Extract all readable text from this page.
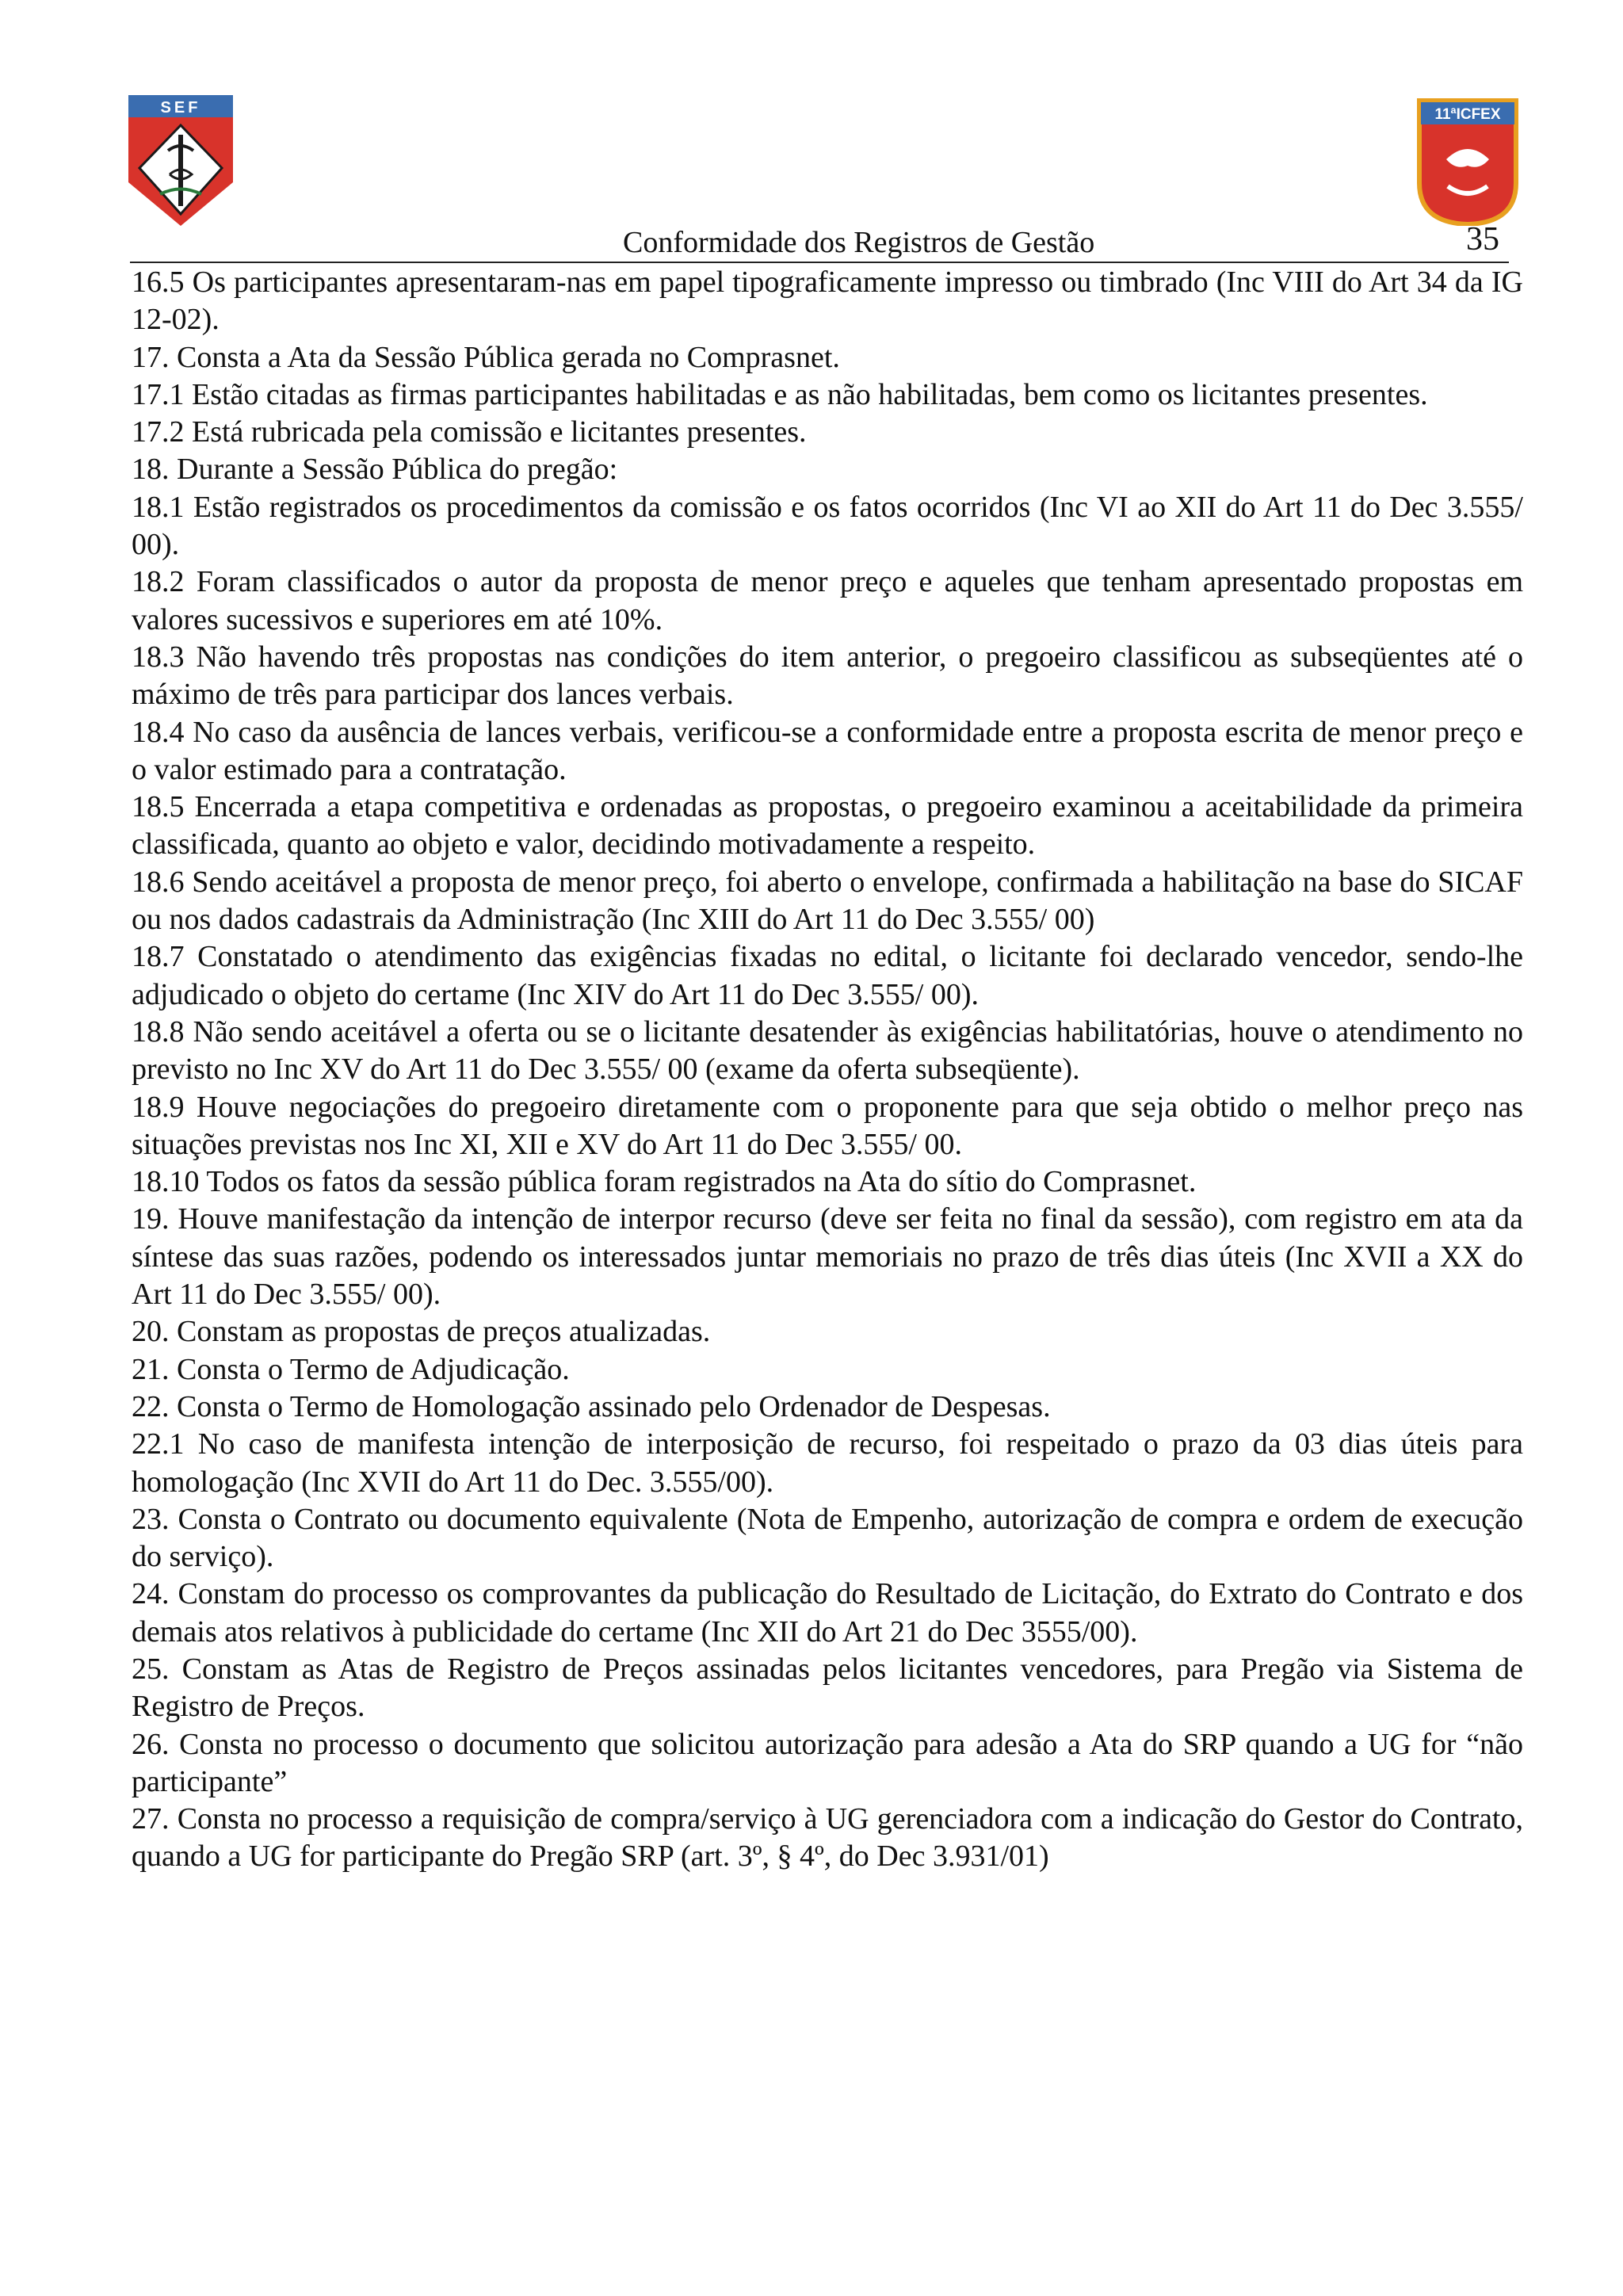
SEF	11ªICFEX
Conformidade dos Registros de Gestão	35

16.5 Os participantes apresentaram-nas em papel tipograficamente impresso ou timbrado (Inc VIII do Art 34 da IG 12-02).

17. Consta a Ata da Sessão Pública gerada no Comprasnet.

17.1 Estão citadas as firmas participantes habilitadas e as não habilitadas, bem como os licitantes presentes.

17.2 Está rubricada pela comissão e licitantes presentes.

18. Durante a Sessão Pública do pregão:

18.1 Estão registrados os procedimentos da comissão e os fatos ocorridos (Inc VI ao XII do Art 11 do Dec 3.555/ 00).

18.2 Foram classificados o autor da proposta de menor preço e aqueles que tenham apresentado propostas em valores sucessivos e superiores em até 10%.

18.3 Não havendo três propostas nas condições do item anterior, o pregoeiro classificou as subseqüentes até o máximo de três para participar dos lances verbais.

18.4 No caso da ausência de lances verbais, verificou-se a conformidade entre a proposta escrita de menor preço e o valor estimado para a contratação.

18.5 Encerrada a etapa competitiva e ordenadas as propostas, o pregoeiro examinou a aceitabilidade da primeira classificada, quanto ao objeto e valor, decidindo motivadamente a respeito.

18.6 Sendo aceitável a proposta de menor preço, foi aberto o envelope, confirmada a habilitação na base do SICAF ou nos dados cadastrais da Administração (Inc XIII do Art 11 do Dec 3.555/ 00)

18.7 Constatado o atendimento das exigências fixadas no edital, o licitante foi declarado vencedor, sendo-lhe adjudicado o objeto do certame (Inc XIV do Art 11 do Dec 3.555/ 00).

18.8 Não sendo aceitável a oferta ou se o licitante desatender às exigências habilitatórias, houve o atendimento no previsto no Inc XV do Art 11 do Dec 3.555/ 00 (exame da oferta subseqüente).

18.9 Houve negociações do pregoeiro diretamente com o proponente para que seja obtido o melhor preço nas situações previstas nos Inc XI, XII e XV do Art 11 do Dec 3.555/ 00.

18.10 Todos os fatos da sessão pública foram registrados na Ata do sítio do Comprasnet.

19. Houve manifestação da intenção de interpor recurso (deve ser feita no final da sessão), com registro em ata da síntese das suas razões, podendo os interessados juntar memoriais no prazo de três dias úteis (Inc XVII a XX do Art 11 do Dec 3.555/ 00).

20. Constam as propostas de preços atualizadas.

21. Consta o Termo de Adjudicação.

22. Consta o Termo de Homologação assinado pelo Ordenador de Despesas.

22.1 No caso de manifesta intenção de interposição de recurso, foi respeitado o prazo da 03 dias úteis para homologação (Inc XVII do Art 11 do Dec. 3.555/00).

23. Consta o Contrato ou documento equivalente (Nota de Empenho, autorização de compra e ordem de execução do serviço).

24. Constam do processo os comprovantes da publicação do Resultado de Licitação, do Extrato do Contrato e dos demais atos relativos à publicidade do certame (Inc XII do Art 21 do Dec 3555/00).

25. Constam as Atas de Registro de Preços assinadas pelos licitantes vencedores, para Pregão via Sistema de Registro de Preços.

26. Consta no processo o documento que solicitou autorização para adesão a Ata do SRP quando a UG for “não participante”

27. Consta no processo a requisição de compra/serviço à UG gerenciadora com a indicação do Gestor do Contrato, quando a UG for participante do Pregão SRP (art. 3º, § 4º, do Dec 3.931/01)
